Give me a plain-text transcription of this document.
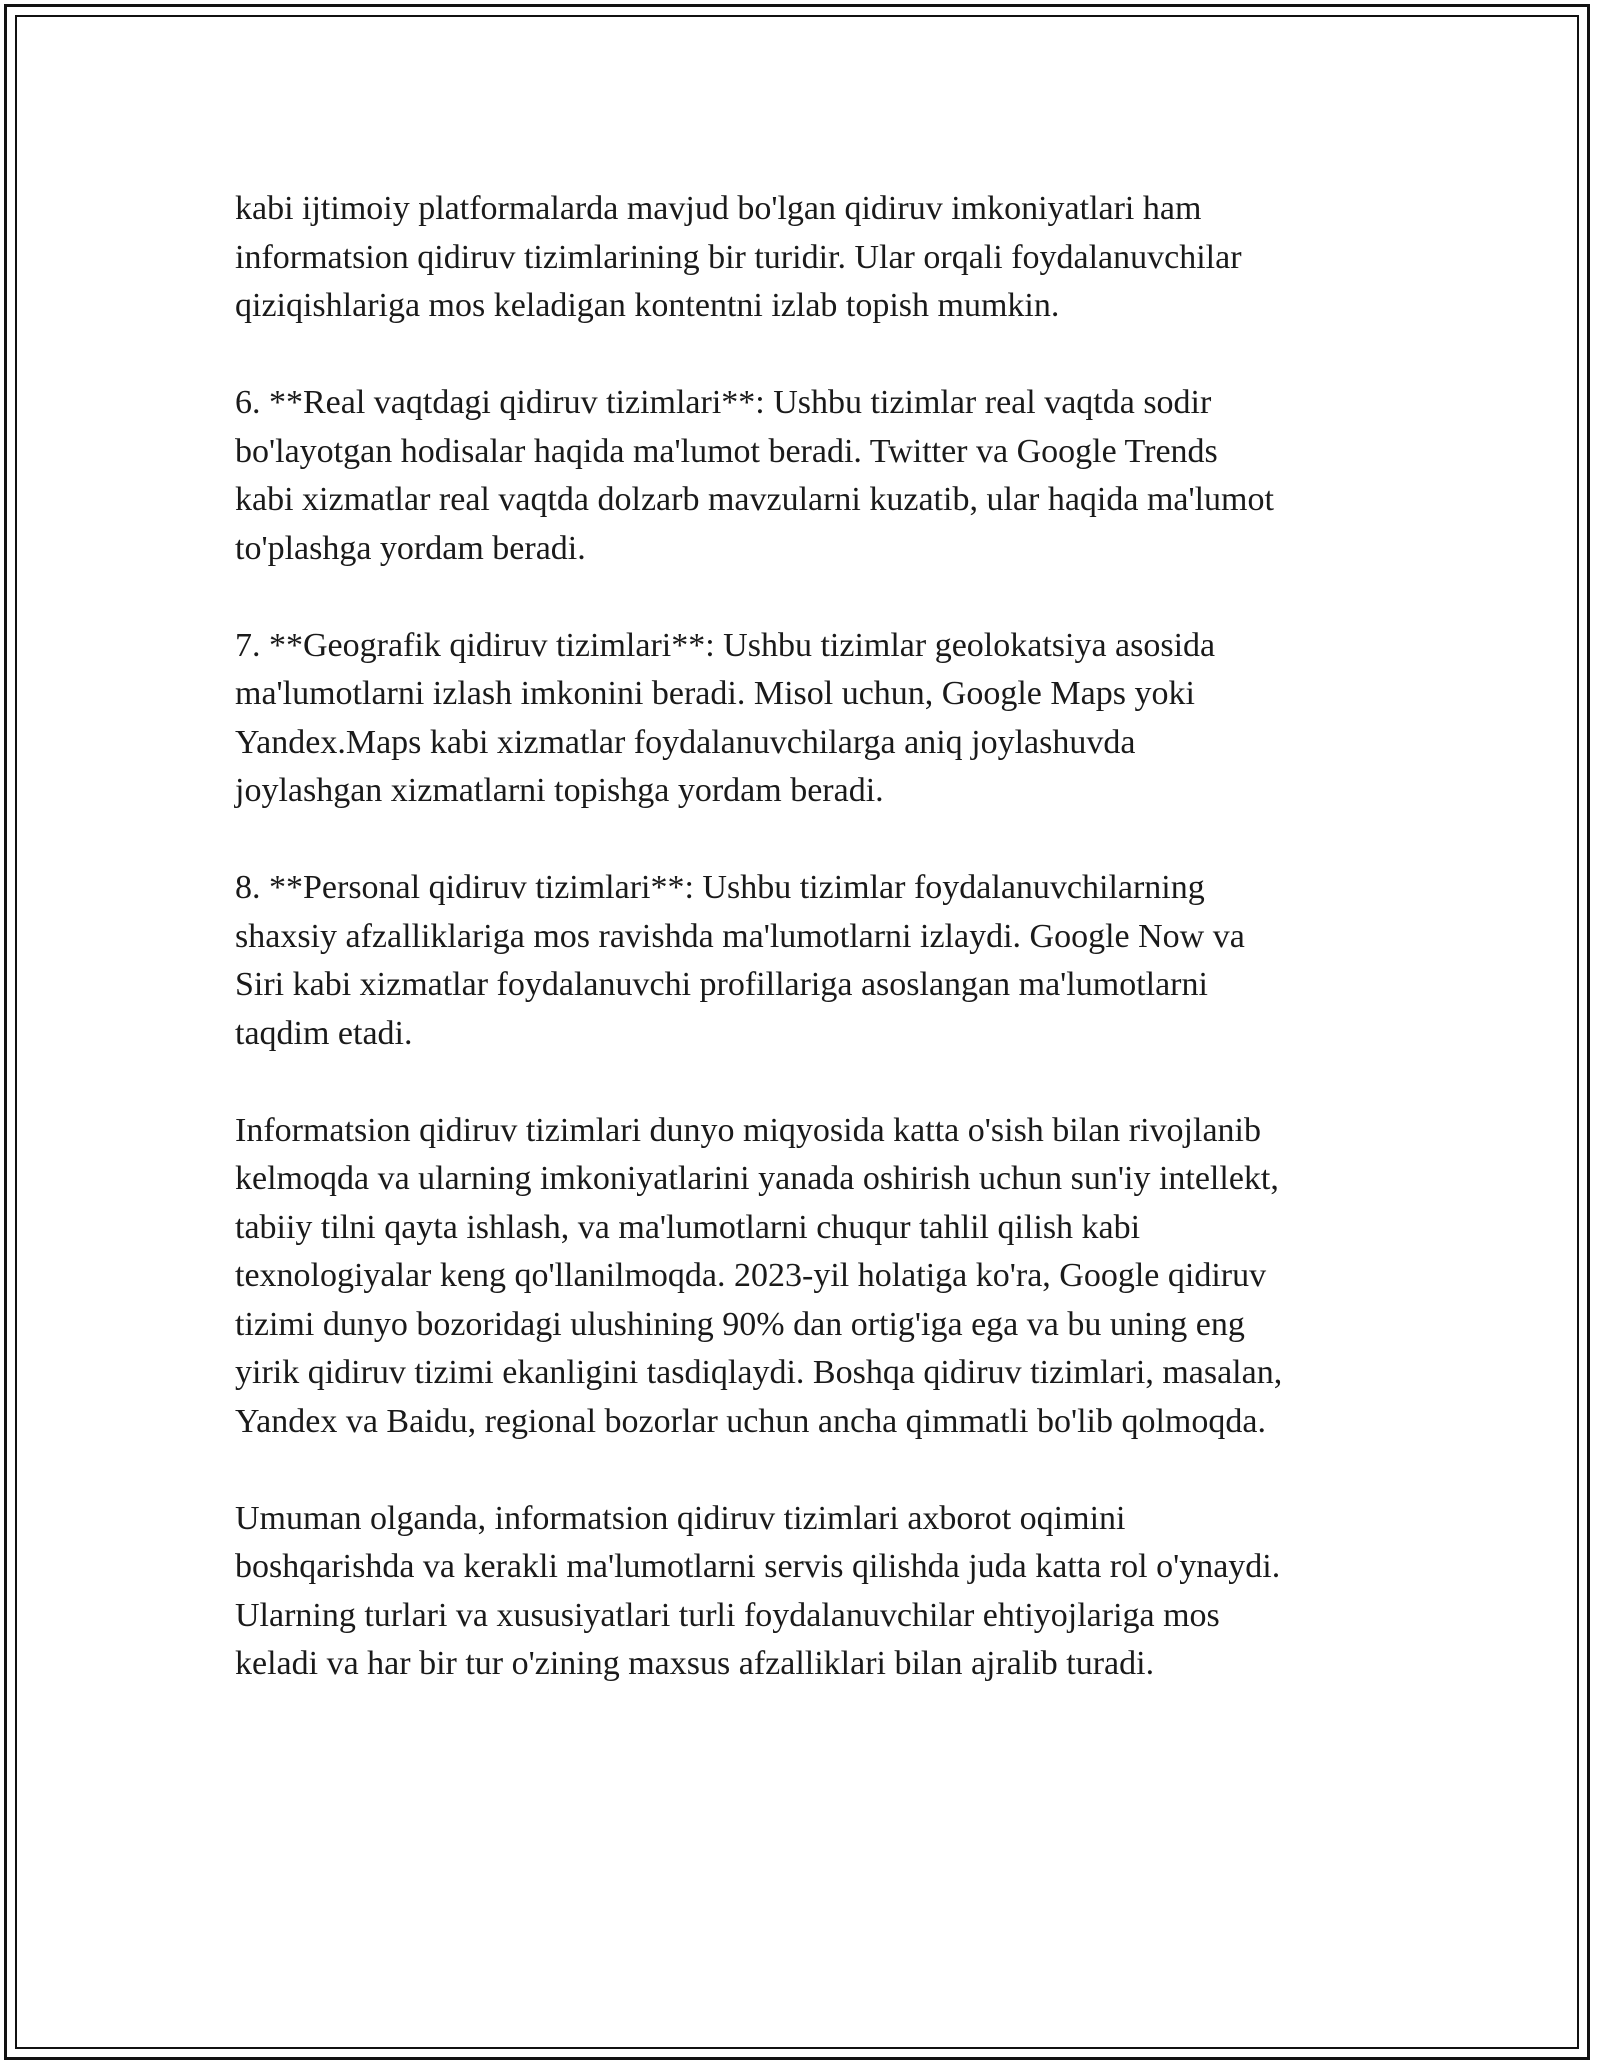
kabi ijtimoiy platformalarda mavjud bo'lgan qidiruv imkoniyatlari ham
informatsion qidiruv tizimlarining bir turidir. Ular orqali foydalanuvchilar
qiziqishlariga mos keladigan kontentni izlab topish mumkin.

6. **Real vaqtdagi qidiruv tizimlari**: Ushbu tizimlar real vaqtda sodir
bo'layotgan hodisalar haqida ma'lumot beradi. Twitter va Google Trends
kabi xizmatlar real vaqtda dolzarb mavzularni kuzatib, ular haqida ma'lumot
to'plashga yordam beradi.

7. **Geografik qidiruv tizimlari**: Ushbu tizimlar geolokatsiya asosida
ma'lumotlarni izlash imkonini beradi. Misol uchun, Google Maps yoki
Yandex.Maps kabi xizmatlar foydalanuvchilarga aniq joylashuvda
joylashgan xizmatlarni topishga yordam beradi.

8. **Personal qidiruv tizimlari**: Ushbu tizimlar foydalanuvchilarning
shaxsiy afzalliklariga mos ravishda ma'lumotlarni izlaydi. Google Now va
Siri kabi xizmatlar foydalanuvchi profillariga asoslangan ma'lumotlarni
taqdim etadi.

Informatsion qidiruv tizimlari dunyo miqyosida katta o'sish bilan rivojlanib
kelmoqda va ularning imkoniyatlarini yanada oshirish uchun sun'iy intellekt,
tabiiy tilni qayta ishlash, va ma'lumotlarni chuqur tahlil qilish kabi
texnologiyalar keng qo'llanilmoqda. 2023-yil holatiga ko'ra, Google qidiruv
tizimi dunyo bozoridagi ulushining 90% dan ortig'iga ega va bu uning eng
yirik qidiruv tizimi ekanligini tasdiqlaydi. Boshqa qidiruv tizimlari, masalan,
Yandex va Baidu, regional bozorlar uchun ancha qimmatli bo'lib qolmoqda.

Umuman olganda, informatsion qidiruv tizimlari axborot oqimini
boshqarishda va kerakli ma'lumotlarni servis qilishda juda katta rol o'ynaydi.
Ularning turlari va xususiyatlari turli foydalanuvchilar ehtiyojlariga mos
keladi va har bir tur o'zining maxsus afzalliklari bilan ajralib turadi.
